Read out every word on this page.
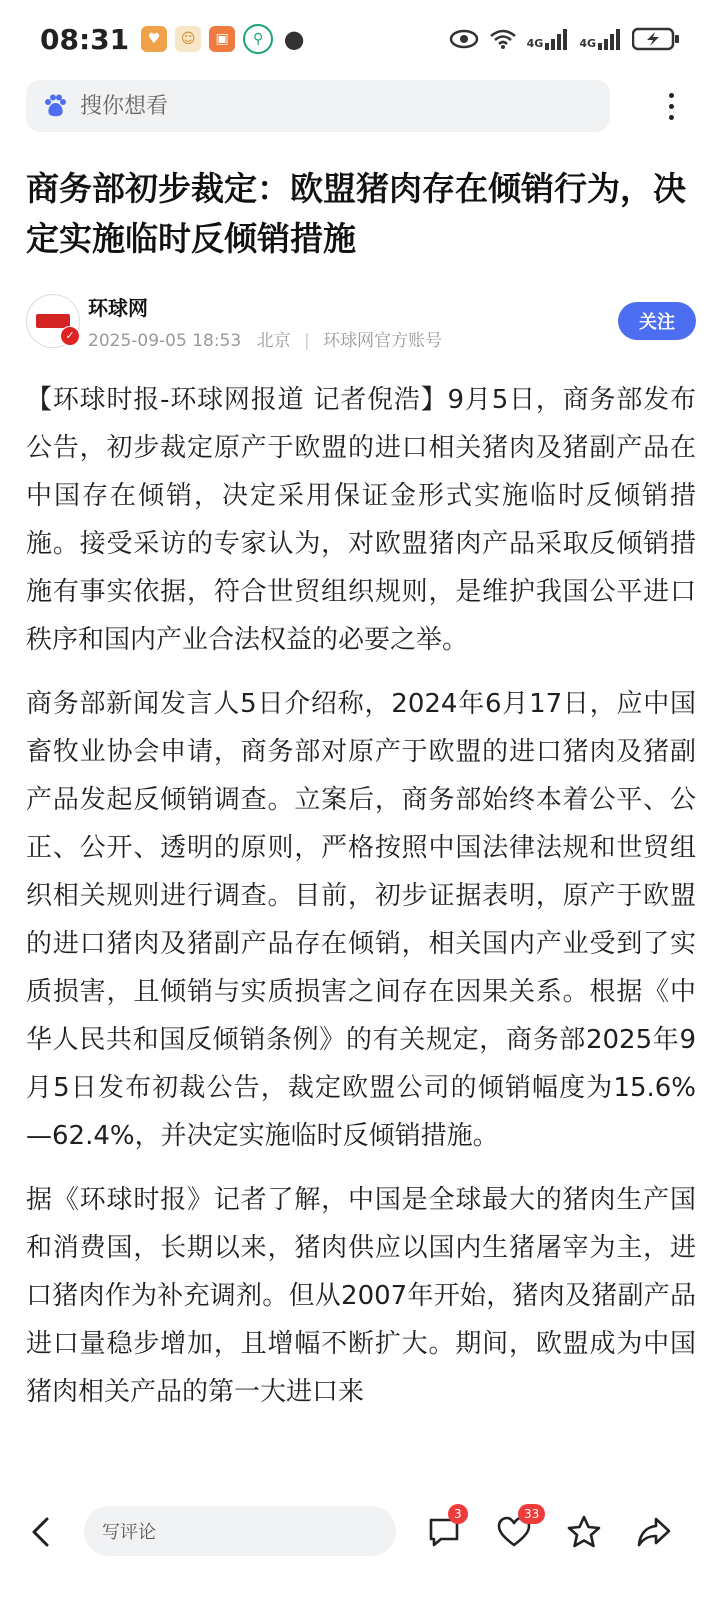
08:31	♥	☺	▣	⚲ ●	4G	4G
搜你想看
商务部初步裁定：欧盟猪肉存在倾销行为，决定实施临时反倾销措施
✓
环球网
2025-09-05 18:53 北京 | 环球网官方账号
关注

【环球时报-环球网报道 记者倪浩】9月5日，商务部发布公告，初步裁定原产于欧盟的进口相关猪肉及猪副产品在中国存在倾销，决定采用保证金形式实施临时反倾销措施。接受采访的专家认为，对欧盟猪肉产品采取反倾销措施有事实依据，符合世贸组织规则，是维护我国公平进口秩序和国内产业合法权益的必要之举。

商务部新闻发言人5日介绍称，2024年6月17日，应中国畜牧业协会申请，商务部对原产于欧盟的进口猪肉及猪副产品发起反倾销调查。立案后，商务部始终本着公平、公正、公开、透明的原则，严格按照中国法律法规和世贸组织相关规则进行调查。目前，初步证据表明，原产于欧盟的进口猪肉及猪副产品存在倾销，相关国内产业受到了实质损害，且倾销与实质损害之间存在因果关系。根据《中华人民共和国反倾销条例》的有关规定，商务部2025年9月5日发布初裁公告，裁定欧盟公司的倾销幅度为15.6%—62.4%，并决定实施临时反倾销措施。

据《环球时报》记者了解，中国是全球最大的猪肉生产国和消费国，长期以来，猪肉供应以国内生猪屠宰为主，进口猪肉作为补充调剂。但从2007年开始，猪肉及猪副产品进口量稳步增加，且增幅不断扩大。期间，欧盟成为中国猪肉相关产品的第一大进口来

写评论
3	33
